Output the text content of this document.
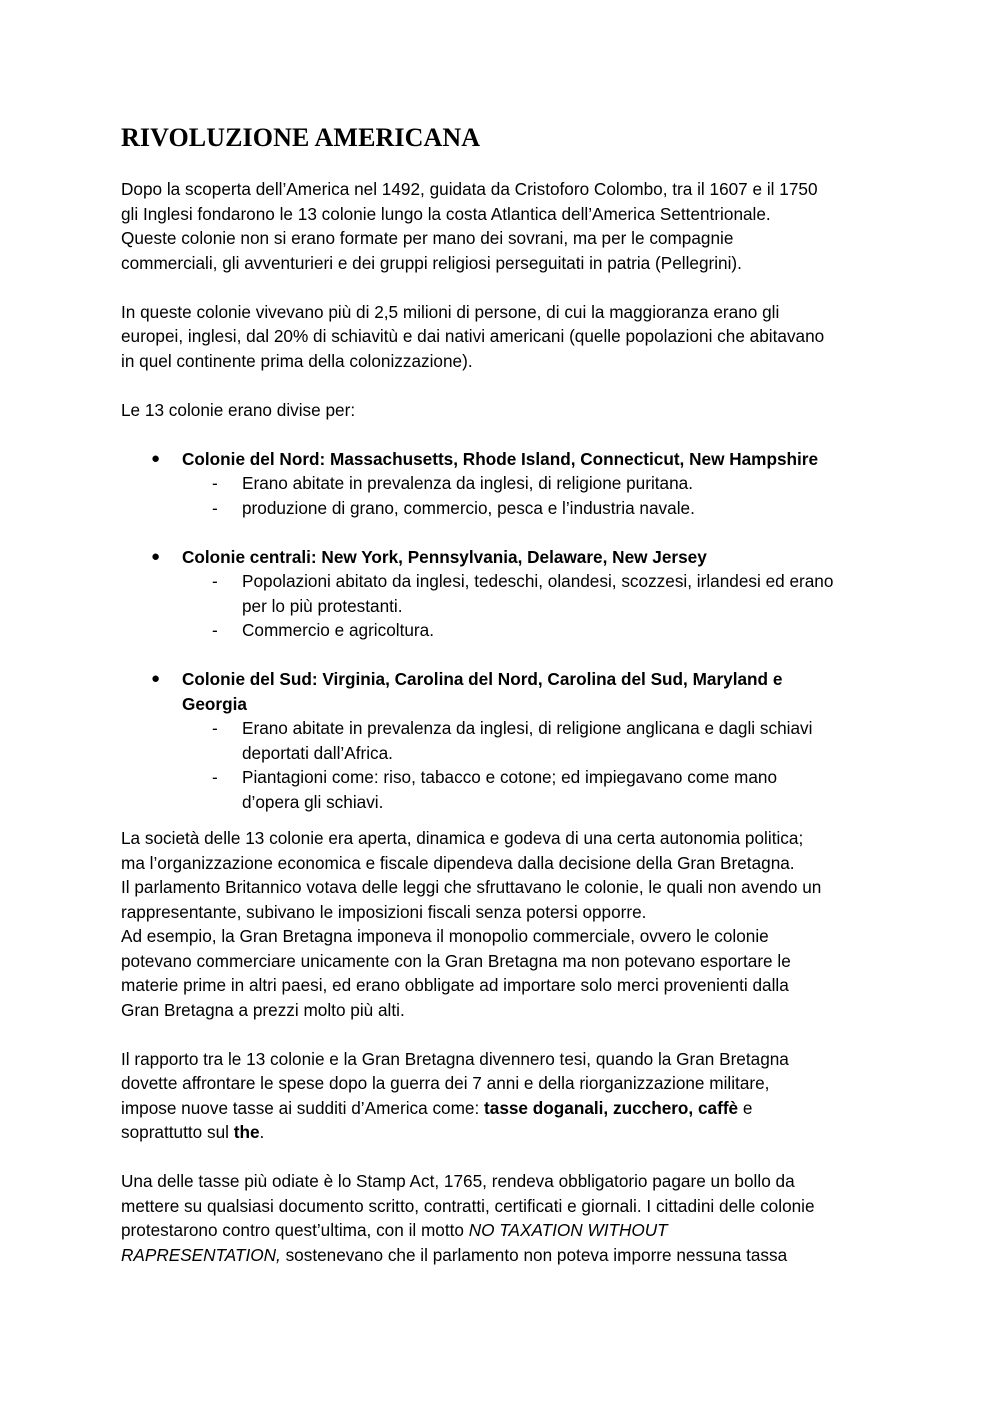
RIVOLUZIONE AMERICANA

Dopo la scoperta dell’America nel 1492, guidata da Cristoforo Colombo, tra il 1607 e il 1750
gli Inglesi fondarono le 13 colonie lungo la costa Atlantica dell’America Settentrionale.
Queste colonie non si erano formate per mano dei sovrani, ma per le compagnie
commerciali, gli avventurieri e dei gruppi religiosi perseguitati in patria (Pellegrini).

In queste colonie vivevano più di 2,5 milioni di persone, di cui la maggioranza erano gli
europei, inglesi, dal 20% di schiavitù e dai nativi americani (quelle popolazioni che abitavano
in quel continente prima della colonizzazione).

Le 13 colonie erano divise per:

● Colonie del Nord: Massachusetts, Rhode Island, Connecticut, New Hampshire
- Erano abitate in prevalenza da inglesi, di religione puritana.
- produzione di grano, commercio, pesca e l’industria navale.
● Colonie centrali: New York, Pennsylvania, Delaware, New Jersey
- Popolazioni abitato da inglesi, tedeschi, olandesi, scozzesi, irlandesi ed erano
per lo più protestanti.
- Commercio e agricoltura.
● Colonie del Sud: Virginia, Carolina del Nord, Carolina del Sud, Maryland e
Georgia
- Erano abitate in prevalenza da inglesi, di religione anglicana e dagli schiavi
deportati dall’Africa.
- Piantagioni come: riso, tabacco e cotone; ed impiegavano come mano
d’opera gli schiavi.

La società delle 13 colonie era aperta, dinamica e godeva di una certa autonomia politica;
ma l’organizzazione economica e fiscale dipendeva dalla decisione della Gran Bretagna.
Il parlamento Britannico votava delle leggi che sfruttavano le colonie, le quali non avendo un
rappresentante, subivano le imposizioni fiscali senza potersi opporre.
Ad esempio, la Gran Bretagna imponeva il monopolio commerciale, ovvero le colonie
potevano commerciare unicamente con la Gran Bretagna ma non potevano esportare le
materie prime in altri paesi, ed erano obbligate ad importare solo merci provenienti dalla
Gran Bretagna a prezzi molto più alti.

Il rapporto tra le 13 colonie e la Gran Bretagna divennero tesi, quando la Gran Bretagna
dovette affrontare le spese dopo la guerra dei 7 anni e della riorganizzazione militare,
impose nuove tasse ai sudditi d’America come: tasse doganali, zucchero, caffè e
soprattutto sul the.

Una delle tasse più odiate è lo Stamp Act, 1765, rendeva obbligatorio pagare un bollo da
mettere su qualsiasi documento scritto, contratti, certificati e giornali. I cittadini delle colonie
protestarono contro quest’ultima, con il motto NO TAXATION WITHOUT
RAPRESENTATION, sostenevano che il parlamento non poteva imporre nessuna tassa
